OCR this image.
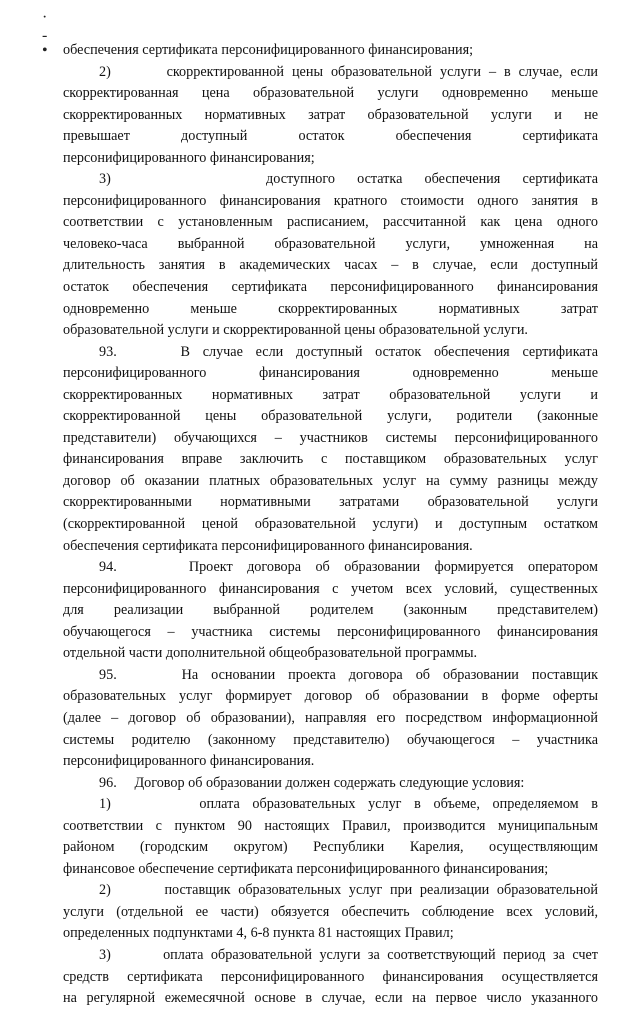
·
-
• обеспечения сертификата персонифицированного финансирования;
2)       скорректированной цены образовательной услуги – в случае, если
скорректированная цена образовательной услуги одновременно меньше
скорректированных нормативных затрат образовательной услуги и не
превышает доступный остаток обеспечения сертификата
персонифицированного финансирования;
3)       доступного остатка обеспечения сертификата
персонифицированного финансирования кратного стоимости одного занятия в
соответствии с установленным расписанием, рассчитанной как цена одного
человеко-часа выбранной образовательной услуги, умноженная на
длительность занятия в академических часах – в случае, если доступный
остаток обеспечения сертификата персонифицированного финансирования
одновременно меньше скорректированных нормативных затрат
образовательной услуги и скорректированной цены образовательной услуги.
93.     В случае если доступный остаток обеспечения сертификата
персонифицированного финансирования одновременно меньше
скорректированных нормативных затрат образовательной услуги и
скорректированной цены образовательной услуги, родители (законные
представители) обучающихся – участников системы персонифицированного
финансирования вправе заключить с поставщиком образовательных услуг
договор об оказании платных образовательных услуг на сумму разницы между
скорректированными нормативными затратами образовательной услуги
(скорректированной ценой образовательной услуги) и доступным остатком
обеспечения сертификата персонифицированного финансирования.
94.     Проект договора об образовании формируется оператором
персонифицированного финансирования с учетом всех условий, существенных
для реализации выбранной родителем (законным представителем)
обучающегося – участника системы персонифицированного финансирования
отдельной части дополнительной общеобразовательной программы.
95.     На основании проекта договора об образовании поставщик
образовательных услуг формирует договор об образовании в форме оферты
(далее – договор об образовании), направляя его посредством информационной
системы родителю (законному представителю) обучающегося – участника
персонифицированного финансирования.
96.     Договор об образовании должен содержать следующие условия:
1)       оплата образовательных услуг в объеме, определяемом в
соответствии с пунктом 90 настоящих Правил, производится муниципальным
районом (городским округом) Республики Карелия, осуществляющим
финансовое обеспечение сертификата персонифицированного финансирования;
2)       поставщик образовательных услуг при реализации образовательной
услуги (отдельной ее части) обязуется обеспечить соблюдение всех условий,
определенных подпунктами 4, 6-8 пункта 81 настоящих Правил;
3)       оплата образовательной услуги за соответствующий период за счет
средств сертификата персонифицированного финансирования осуществляется
на регулярной ежемесячной основе в случае, если на первое число указанного
